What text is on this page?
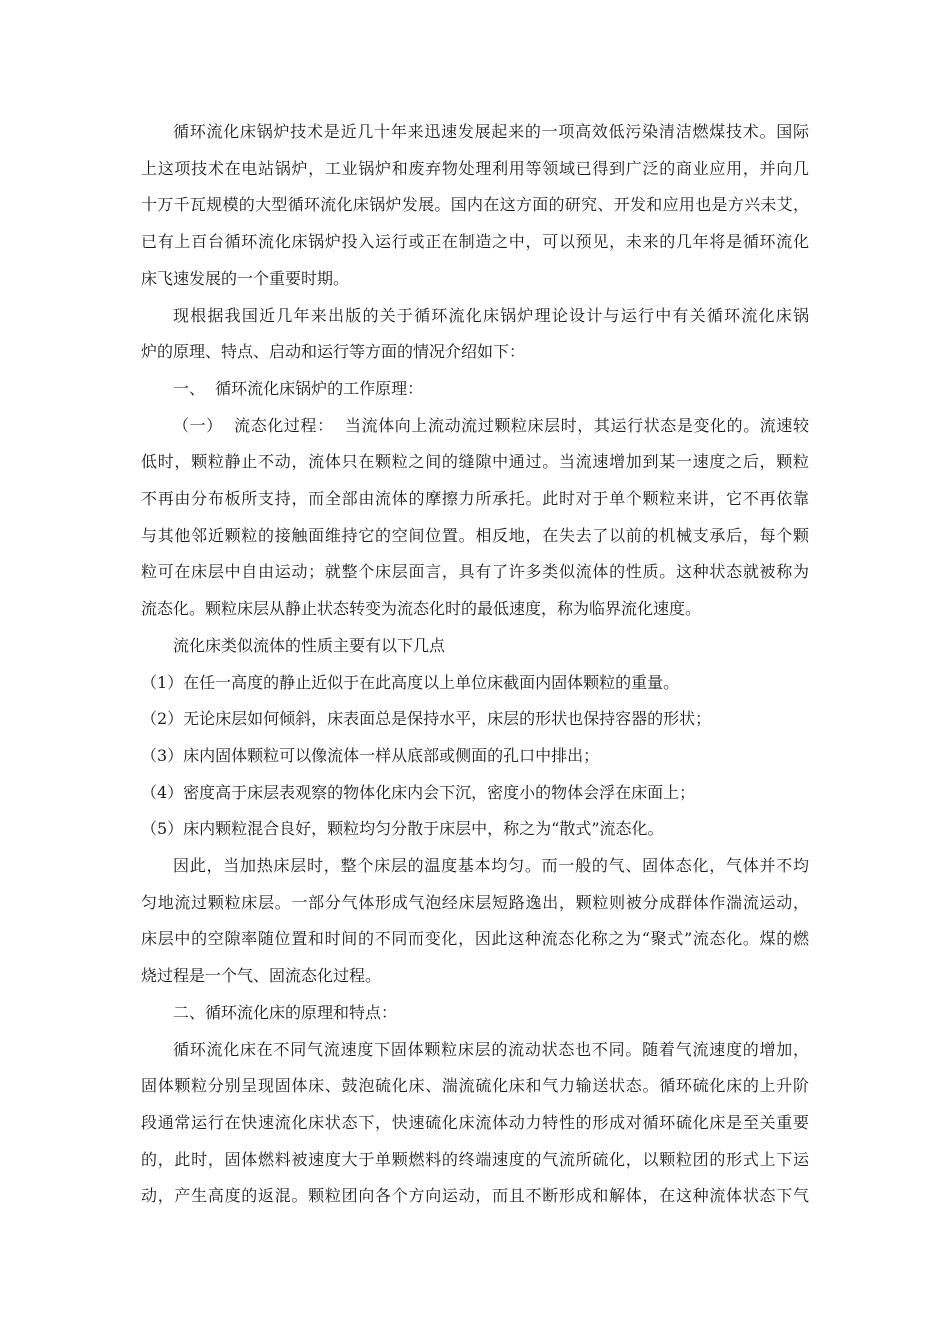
循环流化床锅炉技术是近几十年来迅速发展起来的一项高效低污染清洁燃煤技术。国际
上这项技术在电站锅炉，工业锅炉和废弃物处理利用等领域已得到广泛的商业应用，并向几
十万千瓦规模的大型循环流化床锅炉发展。国内在这方面的研究、开发和应用也是方兴未艾，
已有上百台循环流化床锅炉投入运行或正在制造之中，可以预见，未来的几年将是循环流化
床飞速发展的一个重要时期。
现根据我国近几年来出版的关于循环流化床锅炉理论设计与运行中有关循环流化床锅
炉的原理、特点、启动和运行等方面的情况介绍如下：
一、  循环流化床锅炉的工作原理：
（一）  流态化过程：  当流体向上流动流过颗粒床层时，其运行状态是变化的。流速较
低时，颗粒静止不动，流体只在颗粒之间的缝隙中通过。当流速增加到某一速度之后，颗粒
不再由分布板所支持，而全部由流体的摩擦力所承托。此时对于单个颗粒来讲，它不再依靠
与其他邻近颗粒的接触面维持它的空间位置。相反地，在失去了以前的机械支承后，每个颗
粒可在床层中自由运动；就整个床层面言，具有了许多类似流体的性质。这种状态就被称为
流态化。颗粒床层从静止状态转变为流态化时的最低速度，称为临界流化速度。
流化床类似流体的性质主要有以下几点
（1）在任一高度的静止近似于在此高度以上单位床截面内固体颗粒的重量。
（2）无论床层如何倾斜，床表面总是保持水平，床层的形状也保持容器的形状；
（3）床内固体颗粒可以像流体一样从底部或侧面的孔口中排出；
（4）密度高于床层表观察的物体化床内会下沉，密度小的物体会浮在床面上；
（5）床内颗粒混合良好，颗粒均匀分散于床层中，称之为“散式”流态化。
因此，当加热床层时，整个床层的温度基本均匀。而一般的气、固体态化，气体并不均
匀地流过颗粒床层。一部分气体形成气泡经床层短路逸出，颗粒则被分成群体作湍流运动，
床层中的空隙率随位置和时间的不同而变化，因此这种流态化称之为“聚式”流态化。煤的燃
烧过程是一个气、固流态化过程。
二、循环流化床的原理和特点：
循环流化床在不同气流速度下固体颗粒床层的流动状态也不同。随着气流速度的增加，
固体颗粒分别呈现固体床、鼓泡硫化床、湍流硫化床和气力输送状态。循环硫化床的上升阶
段通常运行在快速流化床状态下，快速硫化床流体动力特性的形成对循环硫化床是至关重要
的，此时，固体燃料被速度大于单颗燃料的终端速度的气流所硫化，以颗粒团的形式上下运
动，产生高度的返混。颗粒团向各个方向运动，而且不断形成和解体，在这种流体状态下气
